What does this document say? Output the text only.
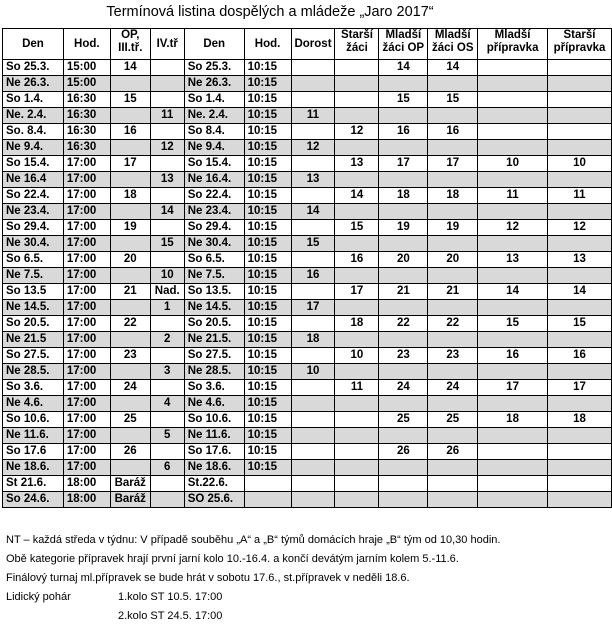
Termínová listina dospělých a mládeže „Jaro 2017“
Den	Hod.	OP, III.tř.	IV.tř	Den	Hod.	Dorost	Starší žáci	Mladší žáci OP	Mladší žáci OS	Mladší přípravka	Starší přípravka
So 25.3.	15:00	14		So 25.3.	10:15			14	14		
Ne 26.3.	15:00			Ne 26.3.	10:15						
So 1.4.	16:30	15		So 1.4.	10:15			15	15		
Ne. 2.4.	16:30		11	Ne. 2.4.	10:15	11					
So. 8.4.	16:30	16		So 8.4.	10:15		12	16	16		
Ne 9.4.	16:30		12	Ne 9.4.	10:15	12					
So 15.4.	17:00	17		So 15.4.	10:15		13	17	17	10	10
Ne 16.4	17:00		13	Ne 16.4.	10:15	13					
So 22.4.	17:00	18		So 22.4.	10:15		14	18	18	11	11
Ne 23.4.	17:00		14	Ne 23.4.	10:15	14					
So 29.4.	17:00	19		So 29.4.	10:15		15	19	19	12	12
Ne 30.4.	17:00		15	Ne 30.4.	10:15	15					
So 6.5.	17:00	20		So 6.5.	10:15		16	20	20	13	13
Ne 7.5.	17:00		10	Ne 7.5.	10:15	16					
So 13.5	17:00	21	Nad.	So 13.5.	10:15		17	21	21	14	14
Ne 14.5.	17:00		1	Ne 14.5.	10:15	17					
So 20.5.	17:00	22		So 20.5.	10:15		18	22	22	15	15
Ne 21.5	17:00		2	Ne 21.5.	10:15	18					
So 27.5.	17:00	23		So 27.5.	10:15		10	23	23	16	16
Ne 28.5.	17:00		3	Ne 28.5.	10:15	10					
So 3.6.	17:00	24		So 3.6.	10:15		11	24	24	17	17
Ne 4.6.	17:00		4	Ne 4.6.	10:15						
So 10.6.	17:00	25		So 10.6.	10:15			25	25	18	18
Ne 11.6.	17:00		5	Ne 11.6.	10:15						
So 17.6	17:00	26		So 17.6.	10:15			26	26		
Ne 18.6.	17:00		6	Ne 18.6.	10:15						
St 21.6.	18:00	Baráž		St.22.6.							
So 24.6.	18:00	Baráž		SO 25.6.							
NT – každá středa v týdnu: V případě souběhu „A“ a „B“ týmů domácích hraje „B“ tým od 10,30 hodin.
Obě kategorie přípravek hrají první jarní kolo 10.-16.4. a končí devátým jarním kolem 5.-11.6.
Finálový turnaj ml.přípravek se bude hrát v sobotu 17.6., st.přípravek v neděli 18.6.
Lidický pohár	1.kolo ST 10.5. 17:00
2.kolo ST 24.5. 17:00
